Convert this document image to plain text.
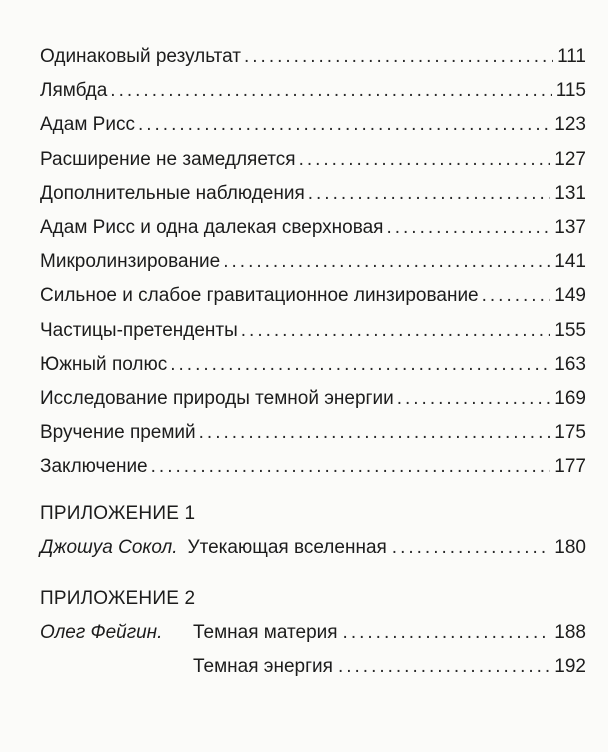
Одинаковый результат .....	111
Лямбда .....	115
Адам Рисс .....	123
Расширение не замедляется .....	127
Дополнительные наблюдения .....	131
Адам Рисс и одна далекая сверхновая .....	137
Микролинзирование .....	141
Сильное и слабое гравитационное линзирование .....	149
Частицы-претенденты .....	155
Южный полюс .....	163
Исследование природы темной энергии .....	169
Вручение премий .....	175
Заключение .....	177
ПРИЛОЖЕНИЕ 1
Джошуа Сокол. Утекающая вселенная .....	180
ПРИЛОЖЕНИЕ 2
Олег Фейгин.	Темная материя .....	188
Темная энергия .....	192
